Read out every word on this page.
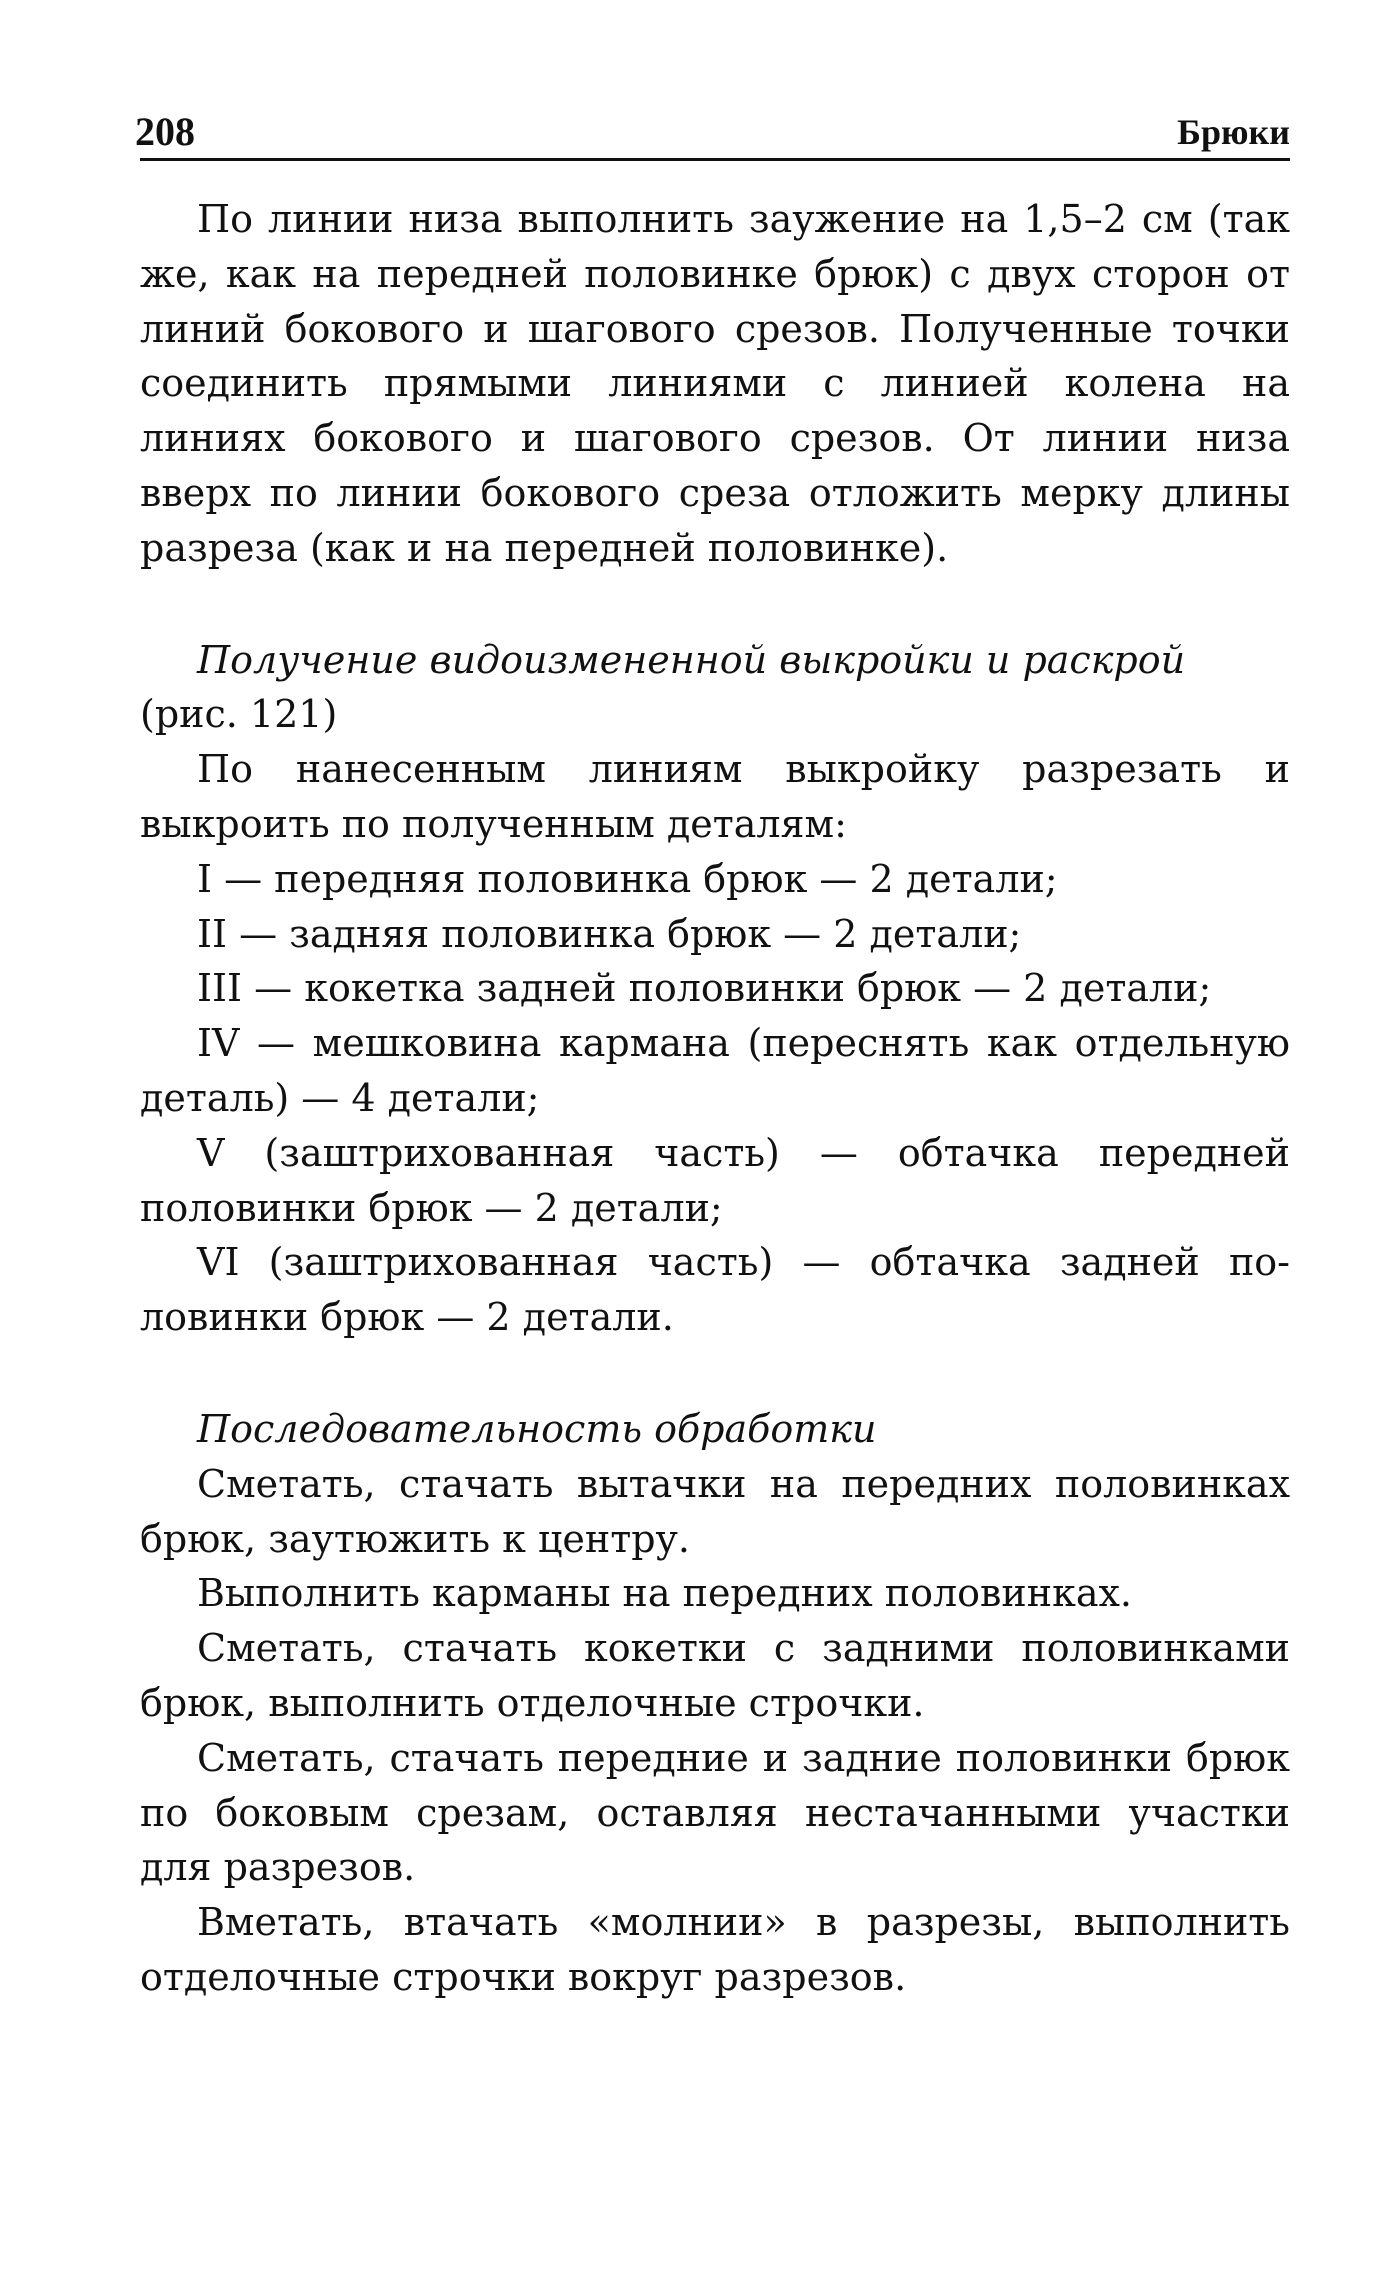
208	Брюки

По линии низа выполнить заужение на 1,5–2 см (так же, как на передней половинке брюк) с двух сторон от линий бокового и шагового срезов. Полученные точки соединить прямыми линиями с линией колена на линиях бокового и шагового срезов. От линии низа вверх по линии бокового среза отложить мерку длины разреза (как и на передней половинке).

Получение видоизмененной выкройки и раскрой (рис. 121)

По нанесенным линиям выкройку разрезать и выкроить по полученным деталям:

I — передняя половинка брюк — 2 детали;

II — задняя половинка брюк — 2 детали;

III — кокетка задней половинки брюк — 2 детали;

IV — мешковина кармана (переснять как отдельную деталь) — 4 детали;

V (заштрихованная часть) — обтачка передней половинки брюк — 2 детали;

VI (заштрихованная часть) — обтачка задней половинки брюк — 2 детали.

Последовательность обработки

Сметать, стачать вытачки на передних половинках брюк, заутюжить к центру.

Выполнить карманы на передних половинках.

Сметать, стачать кокетки с задними половинками брюк, выполнить отделочные строчки.

Сметать, стачать передние и задние половинки брюк по боковым срезам, оставляя нестачанными участки для разрезов.

Вметать, втачать «молнии» в разрезы, выполнить отделочные строчки вокруг разрезов.
